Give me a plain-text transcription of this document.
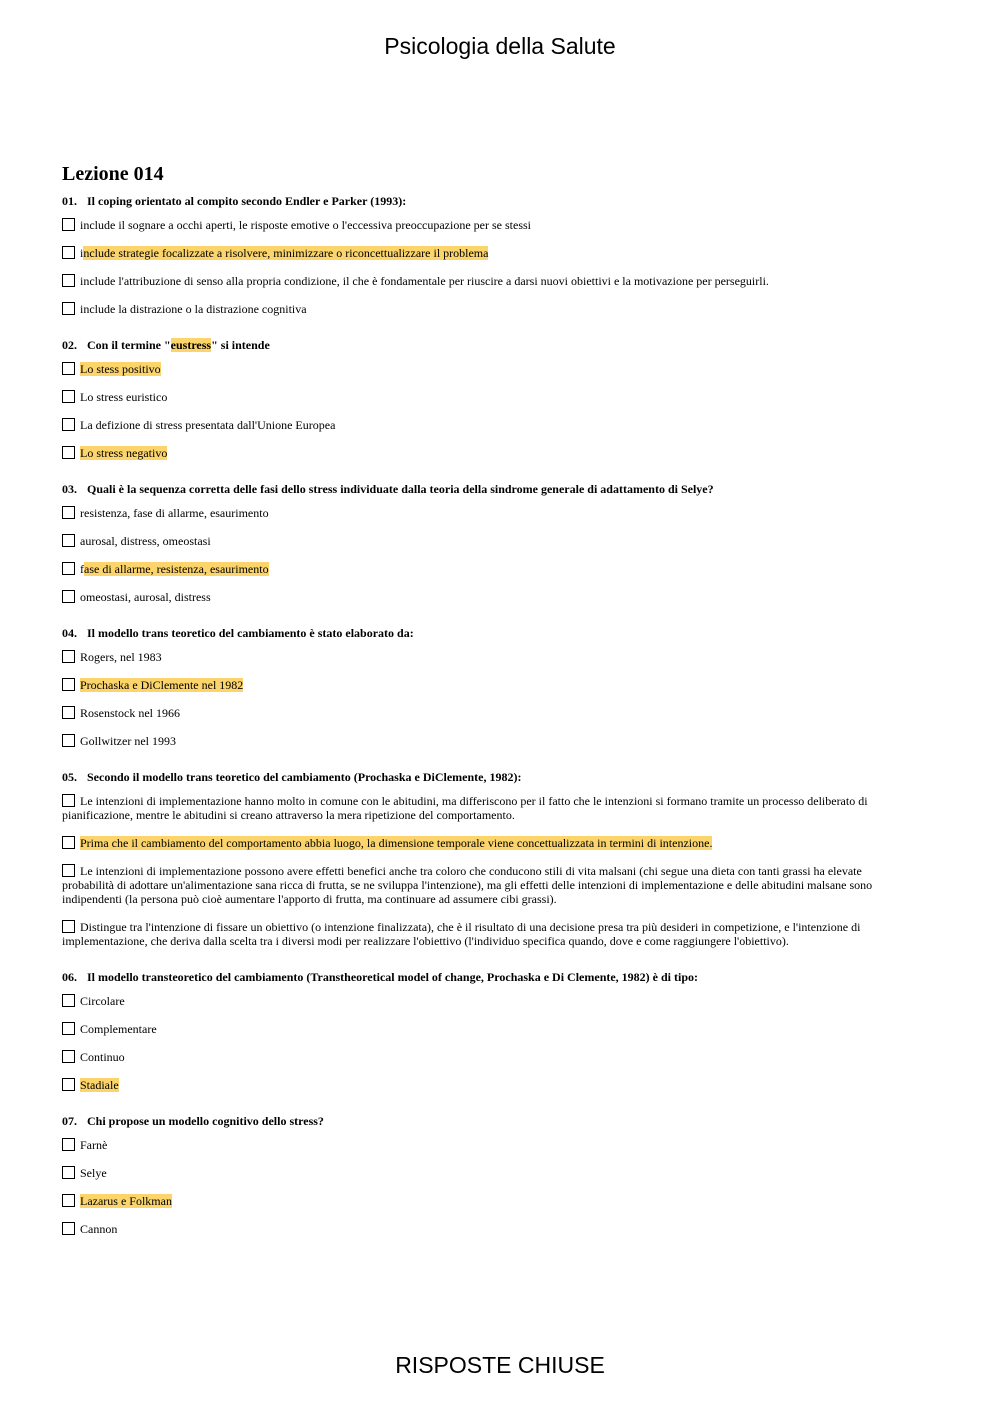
Psicologia della Salute
Lezione 014
01. Il coping orientato al compito secondo Endler e Parker (1993):
include il sognare a occhi aperti, le risposte emotive o l'eccessiva preoccupazione per se stessi
include strategie focalizzate a risolvere, minimizzare o riconcettualizzare il problema
include l'attribuzione di senso alla propria condizione, il che è fondamentale per riuscire a darsi nuovi obiettivi e la motivazione per perseguirli.
include la distrazione o la distrazione cognitiva
02. Con il termine "eustress" si intende
Lo stess positivo
Lo stress euristico
La defizione di stress presentata dall'Unione Europea
Lo stress negativo
03. Quali è la sequenza corretta delle fasi dello stress individuate dalla teoria della sindrome generale di adattamento di Selye?
resistenza, fase di allarme, esaurimento
aurosal, distress, omeostasi
fase di allarme, resistenza, esaurimento
omeostasi, aurosal, distress
04. Il modello trans teoretico del cambiamento è stato elaborato da:
Rogers, nel 1983
Prochaska e DiClemente nel 1982
Rosenstock nel 1966
Gollwitzer nel 1993
05. Secondo il modello trans teoretico del cambiamento (Prochaska e DiClemente, 1982):
Le intenzioni di implementazione hanno molto in comune con le abitudini, ma differiscono per il fatto che le intenzioni si formano tramite un processo deliberato di pianificazione, mentre le abitudini si creano attraverso la mera ripetizione del comportamento.
Prima che il cambiamento del comportamento abbia luogo, la dimensione temporale viene concettualizzata in termini di intenzione.
Le intenzioni di implementazione possono avere effetti benefici anche tra coloro che conducono stili di vita malsani (chi segue una dieta con tanti grassi ha elevate probabilità di adottare un'alimentazione sana ricca di frutta, se ne sviluppa l'intenzione), ma gli effetti delle intenzioni di implementazione e delle abitudini malsane sono indipendenti (la persona può cioè aumentare l'apporto di frutta, ma continuare ad assumere cibi grassi).
Distingue tra l'intenzione di fissare un obiettivo (o intenzione finalizzata), che è il risultato di una decisione presa tra più desideri in competizione, e l'intenzione di implementazione, che deriva dalla scelta tra i diversi modi per realizzare l'obiettivo (l'individuo specifica quando, dove e come raggiungere l'obiettivo).
06. Il modello transteoretico del cambiamento (Transtheoretical model of change, Prochaska e Di Clemente, 1982) è di tipo:
Circolare
Complementare
Continuo
Stadiale
07. Chi propose un modello cognitivo dello stress?
Farnè
Selye
Lazarus e Folkman
Cannon
RISPOSTE CHIUSE
